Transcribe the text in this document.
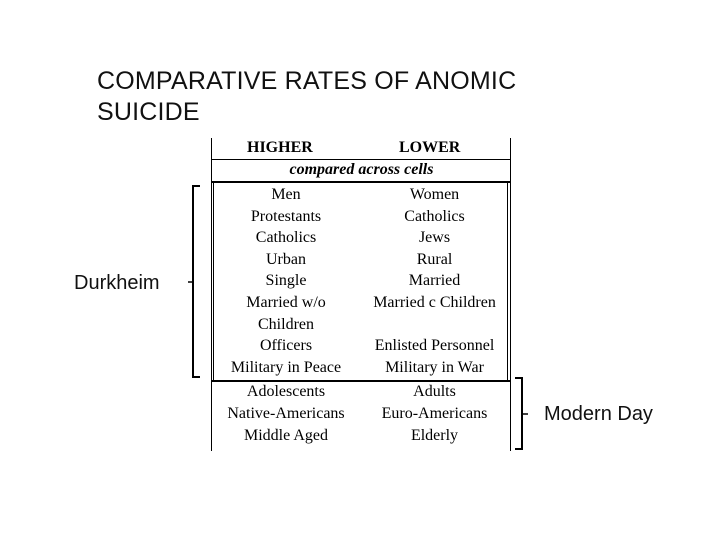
COMPARATIVE RATES OF ANOMIC SUICIDE
Durkheim
Modern Day
HIGHER	LOWER
compared across cells
Men	Women
Protestants	Catholics
Catholics	Jews
Urban	Rural
Single	Married
Married w/o	Married c Children
Children
Officers	Enlisted Personnel
Military in Peace	Military in War
Adolescents	Adults
Native-Americans	Euro-Americans
Middle Aged	Elderly
